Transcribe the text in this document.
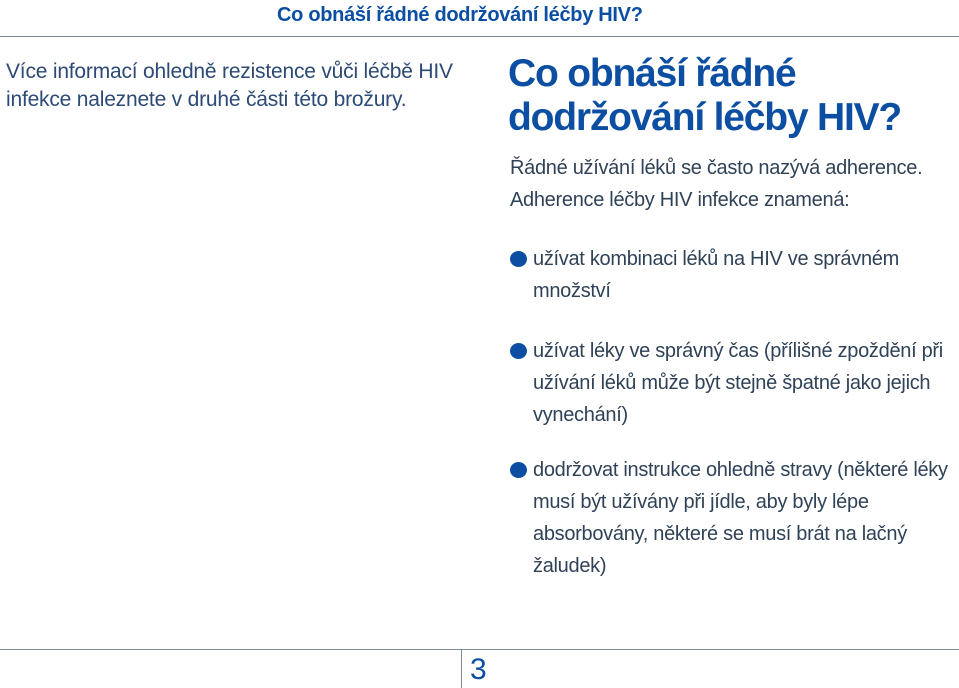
Co obnáší řádné dodržování léčby HIV?

Více informací ohledně rezistence vůči léčbě HIV infekce naleznete v druhé části této brožury.

Co obnáší řádné dodržování léčby HIV?

Řádné užívání léků se často nazývá adherence. Adherence léčby HIV infekce znamená:

užívat kombinaci léků na HIV ve správném množství
užívat léky ve správný čas (přílišné zpoždění při užívání léků může být stejně špatné jako jejich vynechání)
dodržovat instrukce ohledně stravy (některé léky musí být užívány při jídle, aby byly lépe absorbovány, některé se musí brát na lačný žaludek)
3
